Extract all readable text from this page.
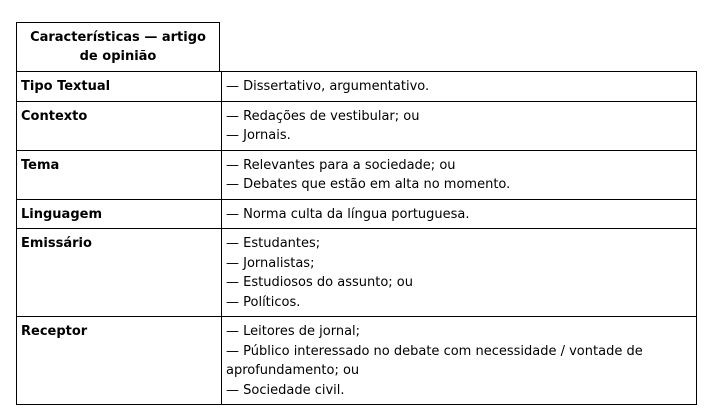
Características — artigo de opinião
Tipo Textual	— Dissertativo, argumentativo.

Contexto	— Redações de vestibular; ou
— Jornais.

Tema	— Relevantes para a sociedade; ou
— Debates que estão em alta no momento.

Linguagem	— Norma culta da língua portuguesa.

Emissário	— Estudantes;
— Jornalistas;
— Estudiosos do assunto; ou
— Políticos.

Receptor	— Leitores de jornal;
— Público interessado no debate com necessidade / vontade de aprofundamento; ou
— Sociedade civil.
